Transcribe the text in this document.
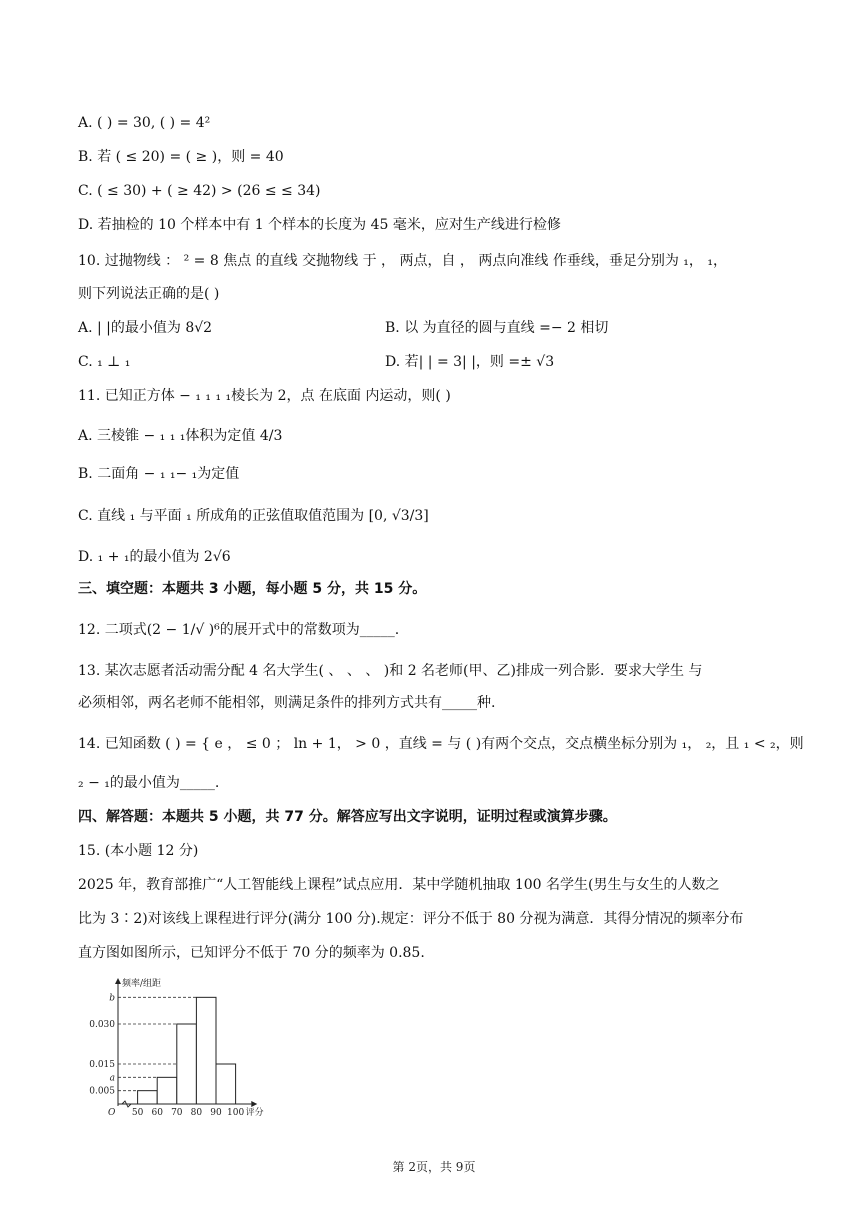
A. ( ) = 30, ( ) = 4²
B. 若 ( ≤ 20) = ( ≥ )，则 = 40
C. ( ≤ 30) + ( ≥ 42) > (26 ≤ ≤ 34)
D. 若抽检的 10 个样本中有 1 个样本的长度为 45 毫米，应对生产线进行检修
10. 过抛物线 ： ² = 8 焦点 的直线 交抛物线 于 ， 两点，自 ， 两点向准线 作垂线，垂足分别为 ₁， ₁，
则下列说法正确的是( )
A. | |的最小值为 8√2	B. 以 为直径的圆与直线 =− 2 相切
C. ₁ ⊥ ₁	D. 若| | = 3| |，则 =± √3
11. 已知正方体 − ₁ ₁ ₁ ₁棱长为 2，点 在底面 内运动，则( )
A. 三棱锥 − ₁ ₁ ₁体积为定值 4/3
B. 二面角 − ₁ ₁− ₁为定值
C. 直线 ₁ 与平面 ₁ 所成角的正弦值取值范围为 [0, √3/3]
D. ₁ + ₁的最小值为 2√6
三、填空题：本题共 3 小题，每小题 5 分，共 15 分。
12. 二项式(2 − 1/√ )⁶的展开式中的常数项为_____.
13. 某次志愿者活动需分配 4 名大学生( 、 、 、 )和 2 名老师(甲、乙)排成一列合影．要求大学生 与
必须相邻，两名老师不能相邻，则满足条件的排列方式共有_____种.
14. 已知函数 ( ) = { e ， ≤ 0 ； ln + 1， > 0 ，直线 = 与 ( )有两个交点，交点横坐标分别为 ₁， ₂，且 ₁ < ₂，则
₂ − ₁的最小值为_____.
四、解答题：本题共 5 小题，共 77 分。解答应写出文字说明，证明过程或演算步骤。
15. (本小题 12 分)
2025 年，教育部推广“人工智能线上课程”试点应用．某中学随机抽取 100 名学生(男生与女生的人数之
比为 3∶2)对该线上课程进行评分(满分 100 分).规定：评分不低于 80 分视为满意．其得分情况的频率分布
直方图如图所示，已知评分不低于 70 分的频率为 0.85.
b
0.030
0.015
a
0.005
50 60 70 80 90 100
O
频率/组距
评分
第 2页，共 9页
